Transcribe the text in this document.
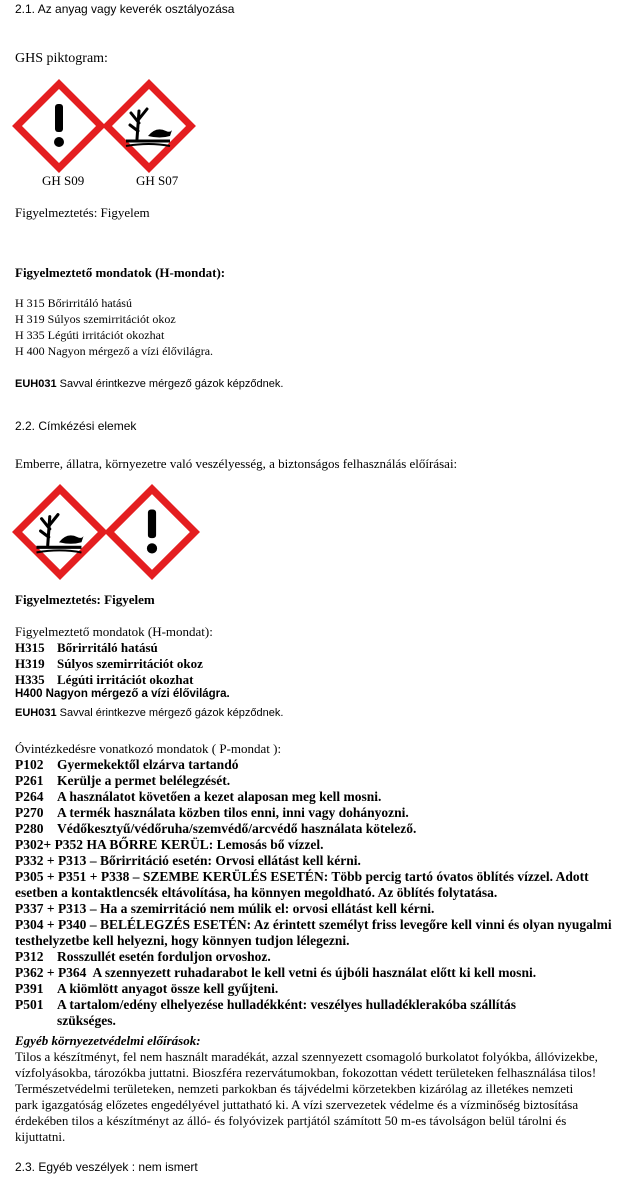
2.1. Az anyag vagy keverék osztályozása
GHS piktogram:
GH S09	GH S07
Figyelmeztetés: Figyelem
Figyelmeztető mondatok (H-mondat):
H 315 Bőrirritáló hatású
H 319 Súlyos szemirritációt okoz
H 335 Légúti irritációt okozhat
H 400 Nagyon mérgező a vízi élővilágra.
EUH031 Savval érintkezve mérgező gázok képződnek.
2.2. Címkézési elemek
Emberre, állatra, környezetre való veszélyesség, a biztonságos felhasználás előírásai:
Figyelmeztetés: Figyelem
Figyelmeztető mondatok (H-mondat):
H315 Bőrirritáló hatású
H319 Súlyos szemirritációt okoz
H335 Légúti irritációt okozhat
H400 Nagyon mérgező a vízi élővilágra.
EUH031 Savval érintkezve mérgező gázok képződnek.
Óvintézkedésre vonatkozó mondatok ( P-mondat ):
P102 Gyermekektől elzárva tartandó
P261 Kerülje a permet belélegzését.
P264 A használatot követően a kezet alaposan meg kell mosni.
P270 A termék használata közben tilos enni, inni vagy dohányozni.
P280 Védőkesztyű/védőruha/szemvédő/arcvédő használata kötelező.
P302+ P352 HA BŐRRE KERÜL: Lemosás bő vízzel.
P332 + P313 – Bőrirritáció esetén: Orvosi ellátást kell kérni.
P305 + P351 + P338 – SZEMBE KERÜLÉS ESETÉN: Több percig tartó óvatos öblítés vízzel. Adott
esetben a kontaktlencsék eltávolítása, ha könnyen megoldható. Az öblítés folytatása.
P337 + P313 – Ha a szemirritáció nem múlik el: orvosi ellátást kell kérni.
P304 + P340 – BELÉLEGZÉS ESETÉN: Az érintett személyt friss levegőre kell vinni és olyan nyugalmi
testhelyzetbe kell helyezni, hogy könnyen tudjon lélegezni.
P312 Rosszullét esetén forduljon orvoshoz.
P362 + P364 A szennyezett ruhadarabot le kell vetni és újbóli használat előtt ki kell mosni.
P391 A kiömlött anyagot össze kell gyűjteni.
P501 A tartalom/edény elhelyezése hulladékként: veszélyes hulladéklerakóba szállítás
szükséges.
Egyéb környezetvédelmi előírások:
Tilos a készítményt, fel nem használt maradékát, azzal szennyezett csomagoló burkolatot folyókba, állóvizekbe,
vízfolyásokba, tározókba juttatni. Bioszféra rezervátumokban, fokozottan védett területeken felhasználása tilos!
Természetvédelmi területeken, nemzeti parkokban és tájvédelmi körzetekben kizárólag az illetékes nemzeti
park igazgatóság előzetes engedélyével juttatható ki. A vízi szervezetek védelme és a vízminőség biztosítása
érdekében tilos a készítményt az álló- és folyóvizek partjától számított 50 m-es távolságon belül tárolni és
kijuttatni.
2.3. Egyéb veszélyek : nem ismert
